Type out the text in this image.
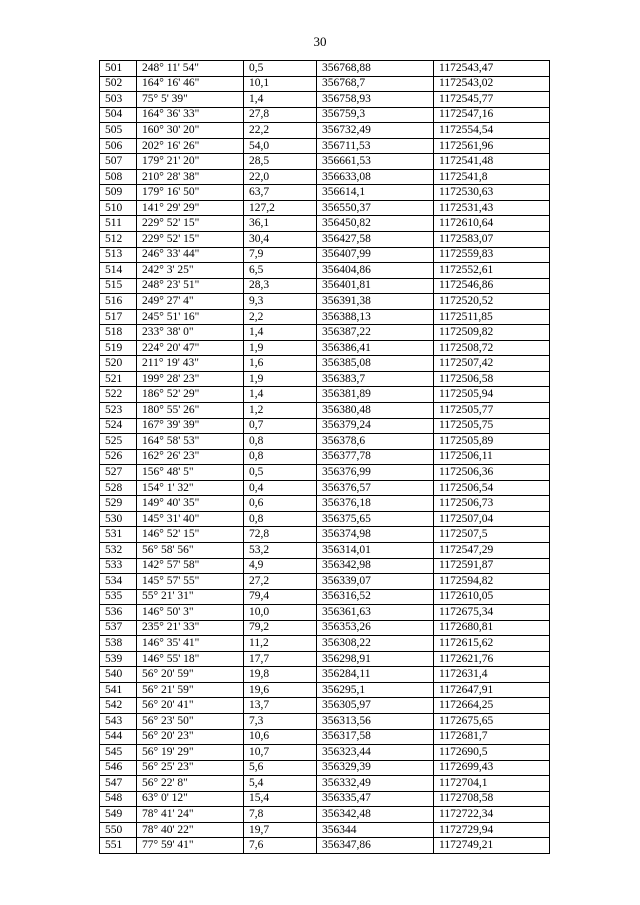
30
501	248° 11' 54"	0,5	356768,88	1172543,47
502	164° 16' 46"	10,1	356768,7	1172543,02
503	75° 5' 39"	1,4	356758,93	1172545,77
504	164° 36' 33"	27,8	356759,3	1172547,16
505	160° 30' 20"	22,2	356732,49	1172554,54
506	202° 16' 26"	54,0	356711,53	1172561,96
507	179° 21' 20"	28,5	356661,53	1172541,48
508	210° 28' 38"	22,0	356633,08	1172541,8
509	179° 16' 50"	63,7	356614,1	1172530,63
510	141° 29' 29"	127,2	356550,37	1172531,43
511	229° 52' 15"	36,1	356450,82	1172610,64
512	229° 52' 15"	30,4	356427,58	1172583,07
513	246° 33' 44"	7,9	356407,99	1172559,83
514	242° 3' 25"	6,5	356404,86	1172552,61
515	248° 23' 51"	28,3	356401,81	1172546,86
516	249° 27' 4"	9,3	356391,38	1172520,52
517	245° 51' 16"	2,2	356388,13	1172511,85
518	233° 38' 0"	1,4	356387,22	1172509,82
519	224° 20' 47"	1,9	356386,41	1172508,72
520	211° 19' 43"	1,6	356385,08	1172507,42
521	199° 28' 23"	1,9	356383,7	1172506,58
522	186° 52' 29"	1,4	356381,89	1172505,94
523	180° 55' 26"	1,2	356380,48	1172505,77
524	167° 39' 39"	0,7	356379,24	1172505,75
525	164° 58' 53"	0,8	356378,6	1172505,89
526	162° 26' 23"	0,8	356377,78	1172506,11
527	156° 48' 5"	0,5	356376,99	1172506,36
528	154° 1' 32"	0,4	356376,57	1172506,54
529	149° 40' 35"	0,6	356376,18	1172506,73
530	145° 31' 40"	0,8	356375,65	1172507,04
531	146° 52' 15"	72,8	356374,98	1172507,5
532	56° 58' 56"	53,2	356314,01	1172547,29
533	142° 57' 58"	4,9	356342,98	1172591,87
534	145° 57' 55"	27,2	356339,07	1172594,82
535	55° 21' 31"	79,4	356316,52	1172610,05
536	146° 50' 3"	10,0	356361,63	1172675,34
537	235° 21' 33"	79,2	356353,26	1172680,81
538	146° 35' 41"	11,2	356308,22	1172615,62
539	146° 55' 18"	17,7	356298,91	1172621,76
540	56° 20' 59"	19,8	356284,11	1172631,4
541	56° 21' 59"	19,6	356295,1	1172647,91
542	56° 20' 41"	13,7	356305,97	1172664,25
543	56° 23' 50"	7,3	356313,56	1172675,65
544	56° 20' 23"	10,6	356317,58	1172681,7
545	56° 19' 29"	10,7	356323,44	1172690,5
546	56° 25' 23"	5,6	356329,39	1172699,43
547	56° 22' 8"	5,4	356332,49	1172704,1
548	63° 0' 12"	15,4	356335,47	1172708,58
549	78° 41' 24"	7,8	356342,48	1172722,34
550	78° 40' 22"	19,7	356344	1172729,94
551	77° 59' 41"	7,6	356347,86	1172749,21
